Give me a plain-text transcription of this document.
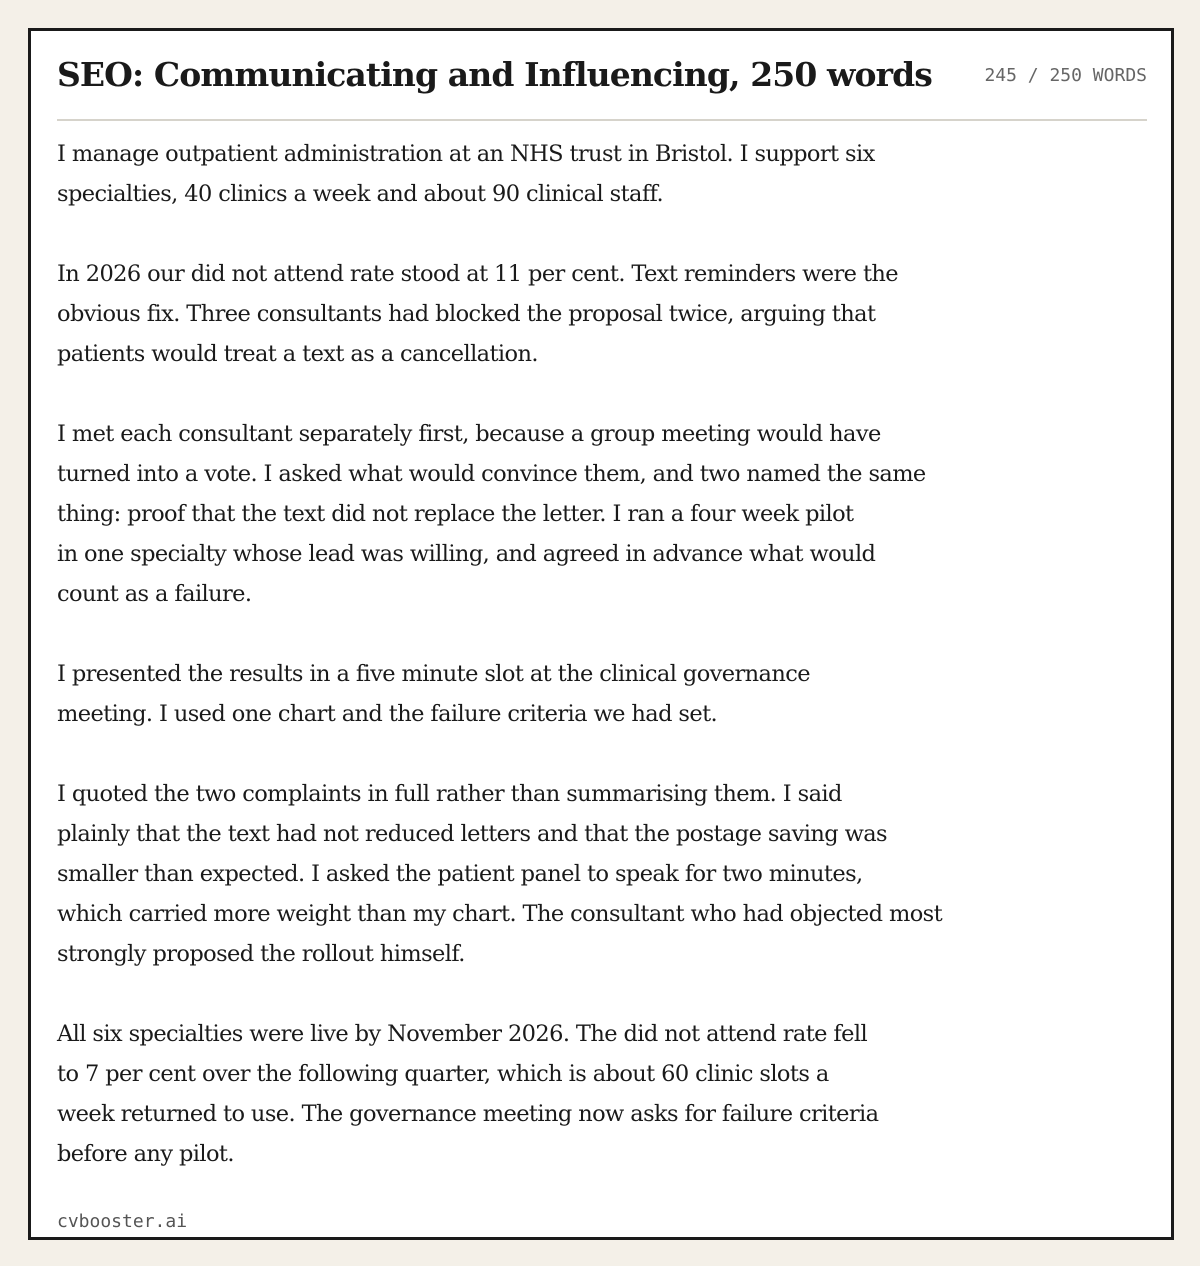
SEO: Communicating and Influencing, 250 words	245 / 250 WORDS

I manage outpatient administration at an NHS trust in Bristol. I support six
specialties, 40 clinics a week and about 90 clinical staff.

In 2026 our did not attend rate stood at 11 per cent. Text reminders were the
obvious fix. Three consultants had blocked the proposal twice, arguing that
patients would treat a text as a cancellation.

I met each consultant separately first, because a group meeting would have
turned into a vote. I asked what would convince them, and two named the same
thing: proof that the text did not replace the letter. I ran a four week pilot
in one specialty whose lead was willing, and agreed in advance what would
count as a failure.

I presented the results in a five minute slot at the clinical governance
meeting. I used one chart and the failure criteria we had set.

I quoted the two complaints in full rather than summarising them. I said
plainly that the text had not reduced letters and that the postage saving was
smaller than expected. I asked the patient panel to speak for two minutes,
which carried more weight than my chart. The consultant who had objected most
strongly proposed the rollout himself.

All six specialties were live by November 2026. The did not attend rate fell
to 7 per cent over the following quarter, which is about 60 clinic slots a
week returned to use. The governance meeting now asks for failure criteria
before any pilot.

cvbooster.ai
